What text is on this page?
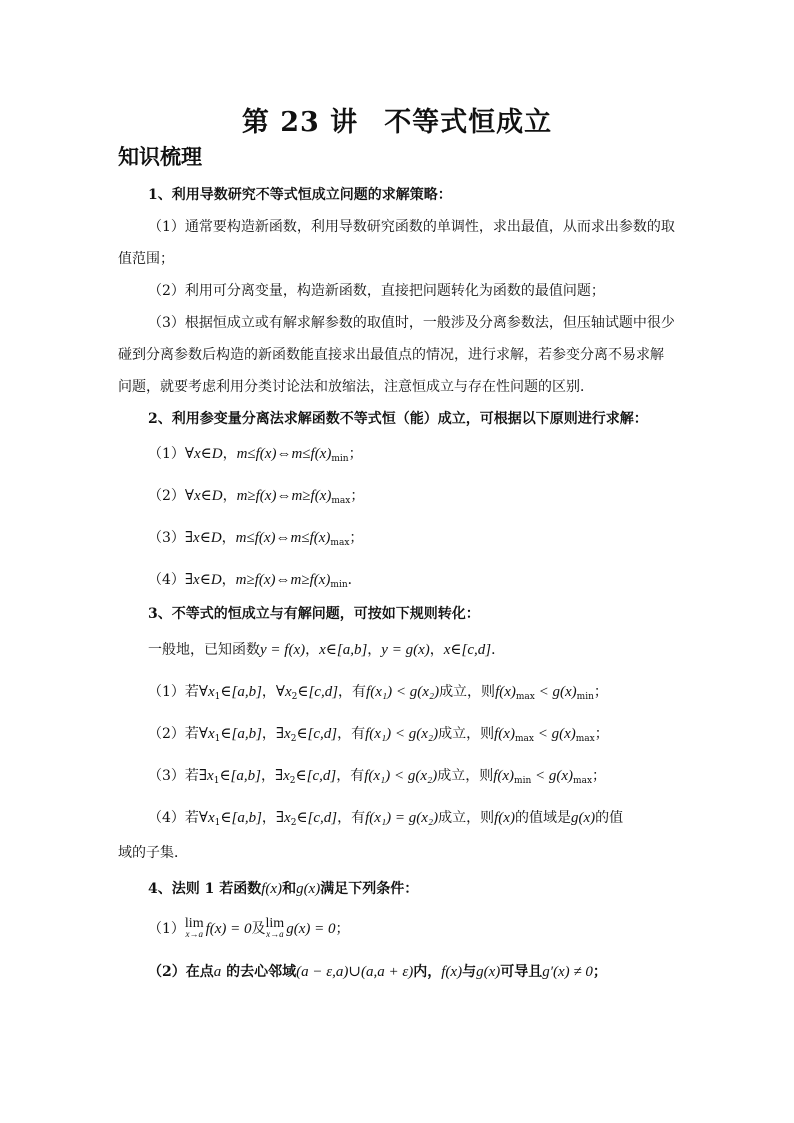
第 23 讲 不等式恒成立
知识梳理
1、利用导数研究不等式恒成立问题的求解策略：
（1）通常要构造新函数，利用导数研究函数的单调性，求出最值，从而求出参数的取
值范围；
（2）利用可分离变量，构造新函数，直接把问题转化为函数的最值问题；
（3）根据恒成立或有解求解参数的取值时，一般涉及分离参数法，但压轴试题中很少
碰到分离参数后构造的新函数能直接求出最值点的情况，进行求解，若参变分离不易求解
问题，就要考虑利用分类讨论法和放缩法，注意恒成立与存在性问题的区别．
2、利用参变量分离法求解函数不等式恒（能）成立，可根据以下原则进行求解：
（1）∀x∈D，$m\le f(x)\Leftrightarrow m\le f(x)_{min}$；
（2）∀x∈D，$m\ge f(x)\Leftrightarrow m\ge f(x)_{max}$；
（3）∃x∈D，$m\le f(x)\Leftrightarrow m\le f(x)_{max}$；
（4）∃x∈D，$m\ge f(x)\Leftrightarrow m\ge f(x)_{min}$．
3、不等式的恒成立与有解问题，可按如下规则转化：
一般地，已知函数y = f(x)，x∈[a,b]，y = g(x)，x∈[c,d]．
（1）若$\forall x_1\in[a,b]$，$\forall x_2\in[c,d]$，有f(x₁) < g(x₂)成立，则$f(x)_{max} < g(x)_{min}$；
（2）若$\forall x_1\in[a,b]$，$\exists x_2\in[c,d]$，有f(x₁) < g(x₂)成立，则$f(x)_{max} < g(x)_{max}$；
（3）若$\exists x_1\in[a,b]$，$\exists x_2\in[c,d]$，有f(x₁) < g(x₂)成立，则$f(x)_{min} < g(x)_{max}$；
（4）若$\forall x_1\in[a,b]$，$\exists x_2\in[c,d]$，有f(x₁) = g(x₂)成立，则f(x)的值域是g(x)的值
域的子集．
4、法则 1 若函数f(x)和g(x)满足下列条件：
（1） lim
x→a f(x) = 0及 lim
x→a g(x) = 0；
（2）在点a 的去心邻域(a − ε,a)∪(a,a + ε)内，f(x)与g(x)可导且g′(x) ≠ 0；
